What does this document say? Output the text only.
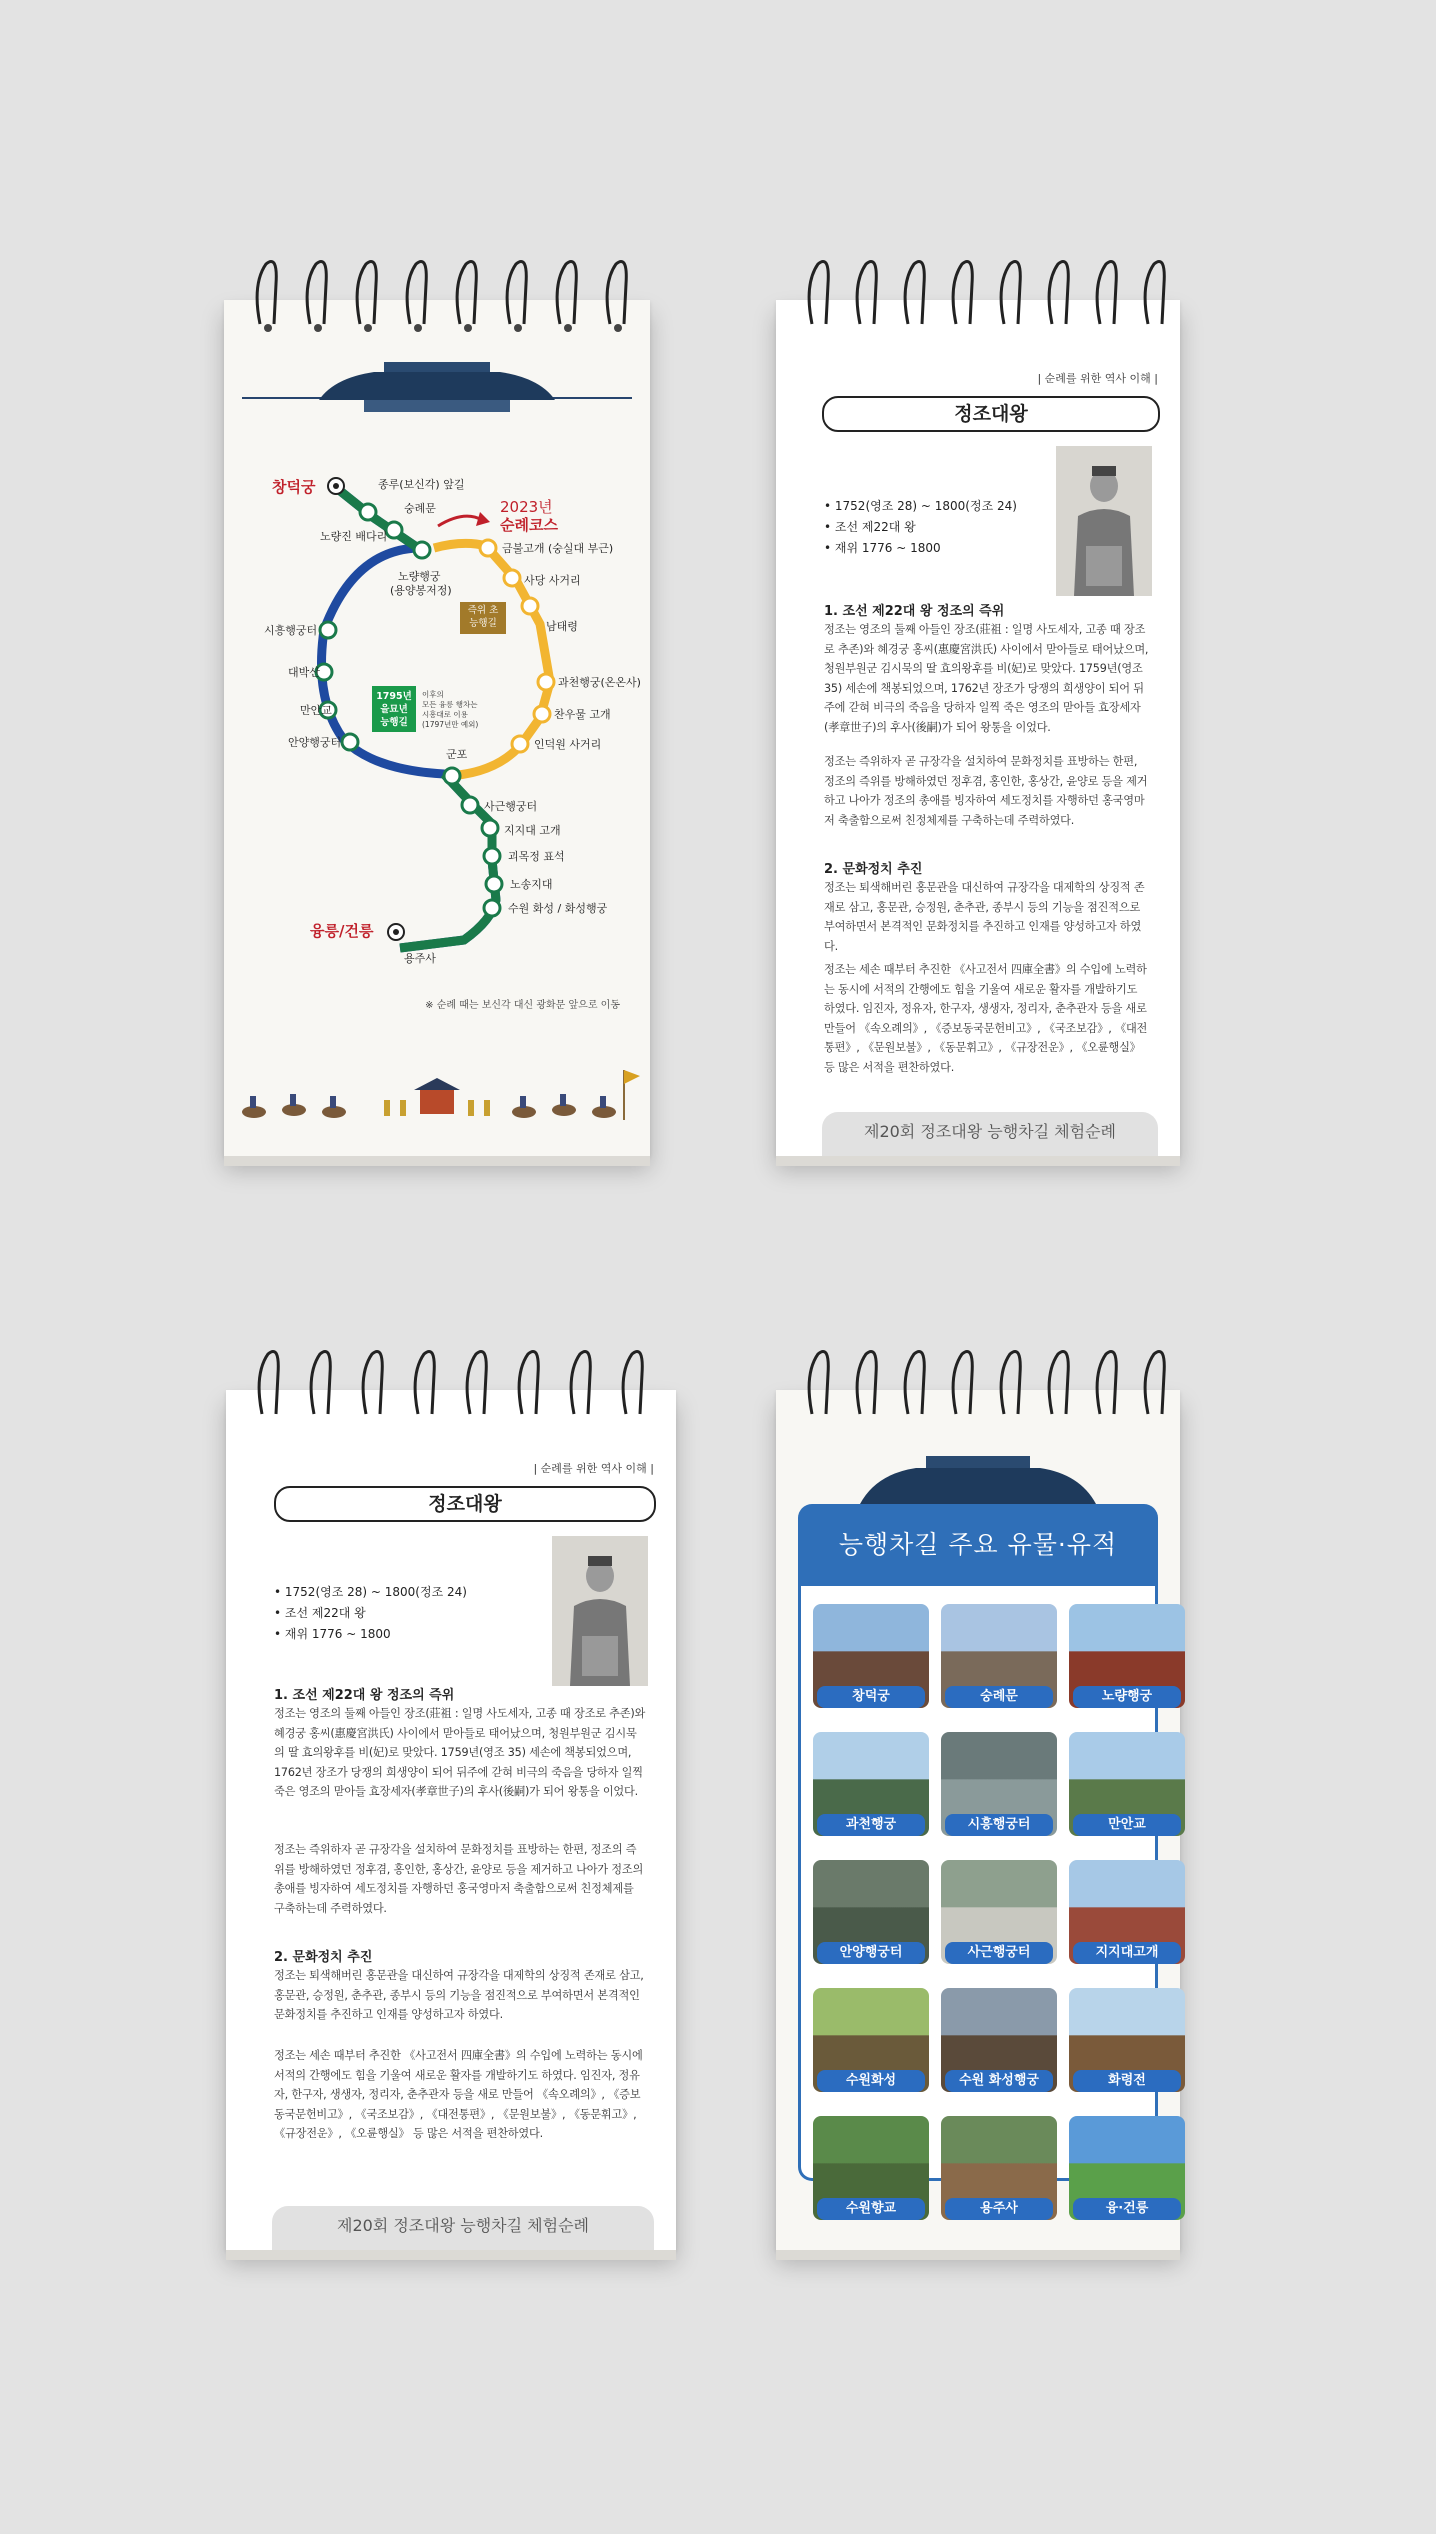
창덕궁
융릉/건릉
2023년
순례코스
즉위 초
능행길
1795년
을묘년
능행길
이후의
모든 융릉 행차는
시흥대로 이용
(1797년만 예외)
종루(보신각) 앞길
숭례문
노량진 배다리
노량행궁
(용양봉저정)
시흥행궁터
대박산
만안교
안양행궁터
군포
금불고개 (숭실대 부근)
사당 사거리
남태령
과천행궁(온온사)
찬우물 고개
인덕원 사거리
사근행궁터
지지대 고개
괴목정 표석
노송지대
수원 화성 / 화성행궁
용주사
※ 순례 때는 보신각 대신 광화문 앞으로 이동
| 순례를 위한 역사 이해 |
정조대왕
• 1752(영조 28) ~ 1800(정조 24)
• 조선 제22대 왕
• 재위 1776 ~ 1800
1. 조선 제22대 왕 정조의 즉위
정조는 영조의 둘째 아들인 장조(莊祖 : 일명 사도세자, 고종 때 장조로 추존)와 혜경궁 홍씨(惠慶宮洪氏) 사이에서 맏아들로 태어났으며, 청원부원군 김시묵의 딸 효의왕후를 비(妃)로 맞았다. 1759년(영조 35) 세손에 책봉되었으며, 1762년 장조가 당쟁의 희생양이 되어 뒤주에 갇혀 비극의 죽음을 당하자 일찍 죽은 영조의 맏아들 효장세자(孝章世子)의 후사(後嗣)가 되어 왕통을 이었다.
정조는 즉위하자 곧 규장각을 설치하여 문화정치를 표방하는 한편, 정조의 즉위를 방해하였던 정후겸, 홍인한, 홍상간, 윤양로 등을 제거하고 나아가 정조의 총애를 빙자하여 세도정치를 자행하던 홍국영마저 축출함으로써 친정체제를 구축하는데 주력하였다.
2. 문화정치 추진
정조는 퇴색해버린 홍문관을 대신하여 규장각을 대제학의 상징적 존재로 삼고, 홍문관, 승정원, 춘추관, 종부시 등의 기능을 점진적으로 부여하면서 본격적인 문화정치를 추진하고 인재를 양성하고자 하였다.
정조는 세손 때부터 추진한 《사고전서 四庫全書》의 수입에 노력하는 동시에 서적의 간행에도 힘을 기울여 새로운 활자를 개발하기도 하였다. 임진자, 정유자, 한구자, 생생자, 정리자, 춘추관자 등을 새로 만들어 《속오례의》, 《증보동국문헌비고》, 《국조보감》, 《대전통편》, 《문원보불》, 《동문휘고》, 《규장전운》, 《오륜행실》 등 많은 서적을 편찬하였다.
제20회 정조대왕 능행차길 체험순례
| 순례를 위한 역사 이해 |
정조대왕
• 1752(영조 28) ~ 1800(정조 24)
• 조선 제22대 왕
• 재위 1776 ~ 1800
1. 조선 제22대 왕 정조의 즉위
정조는 영조의 둘째 아들인 장조(莊祖 : 일명 사도세자, 고종 때 장조로 추존)와 혜경궁 홍씨(惠慶宮洪氏) 사이에서 맏아들로 태어났으며, 청원부원군 김시묵의 딸 효의왕후를 비(妃)로 맞았다. 1759년(영조 35) 세손에 책봉되었으며, 1762년 장조가 당쟁의 희생양이 되어 뒤주에 갇혀 비극의 죽음을 당하자 일찍 죽은 영조의 맏아들 효장세자(孝章世子)의 후사(後嗣)가 되어 왕통을 이었다.
정조는 즉위하자 곧 규장각을 설치하여 문화정치를 표방하는 한편, 정조의 즉위를 방해하였던 정후겸, 홍인한, 홍상간, 윤양로 등을 제거하고 나아가 정조의 총애를 빙자하여 세도정치를 자행하던 홍국영마저 축출함으로써 친정체제를 구축하는데 주력하였다.
2. 문화정치 추진
정조는 퇴색해버린 홍문관을 대신하여 규장각을 대제학의 상징적 존재로 삼고, 홍문관, 승정원, 춘추관, 종부시 등의 기능을 점진적으로 부여하면서 본격적인 문화정치를 추진하고 인재를 양성하고자 하였다.
정조는 세손 때부터 추진한 《사고전서 四庫全書》의 수입에 노력하는 동시에 서적의 간행에도 힘을 기울여 새로운 활자를 개발하기도 하였다. 임진자, 정유자, 한구자, 생생자, 정리자, 춘추관자 등을 새로 만들어 《속오례의》, 《증보동국문헌비고》, 《국조보감》, 《대전통편》, 《문원보불》, 《동문휘고》, 《규장전운》, 《오륜행실》 등 많은 서적을 편찬하였다.
제20회 정조대왕 능행차길 체험순례
능행차길 주요 유물·유적
창덕궁	숭례문	노량행궁
과천행궁	시흥행궁터	만안교
안양행궁터	사근행궁터	지지대고개
수원화성	수원 화성행궁	화령전
수원향교	용주사	융·건릉
